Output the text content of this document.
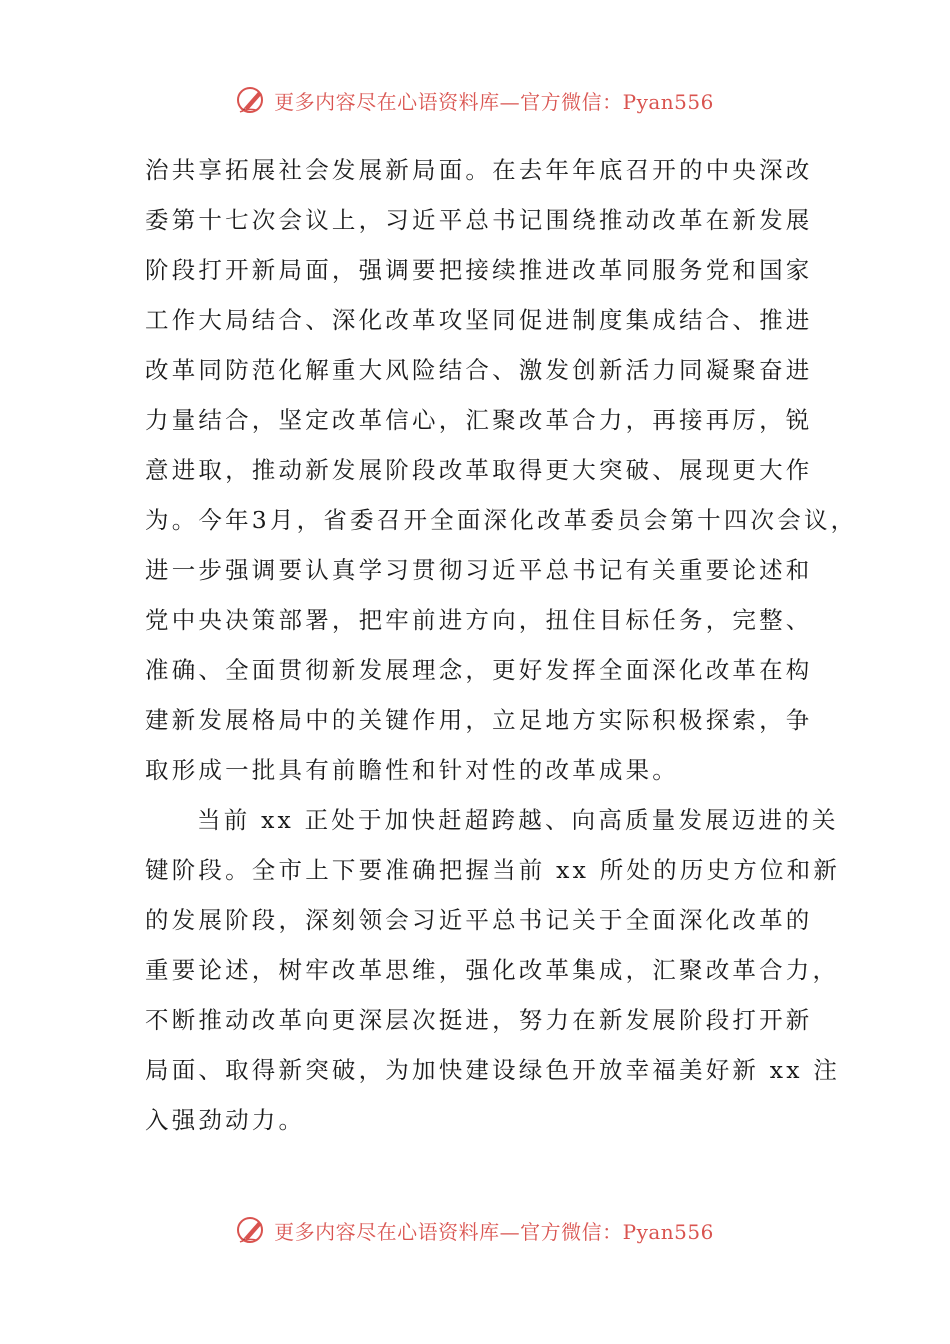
更多内容尽在心语资料库—官方微信：Pyan556
治共享拓展社会发展新局面。在去年年底召开的中央深改
委第十七次会议上，习近平总书记围绕推动改革在新发展
阶段打开新局面，强调要把接续推进改革同服务党和国家
工作大局结合、深化改革攻坚同促进制度集成结合、推进
改革同防范化解重大风险结合、激发创新活力同凝聚奋进
力量结合，坚定改革信心，汇聚改革合力，再接再厉，锐
意进取，推动新发展阶段改革取得更大突破、展现更大作
为。今年3月，省委召开全面深化改革委员会第十四次会议，
进一步强调要认真学习贯彻习近平总书记有关重要论述和
党中央决策部署，把牢前进方向，扭住目标任务，完整、
准确、全面贯彻新发展理念，更好发挥全面深化改革在构
建新发展格局中的关键作用，立足地方实际积极探索，争
取形成一批具有前瞻性和针对性的改革成果。
当前 xx 正处于加快赶超跨越、向高质量发展迈进的关
键阶段。全市上下要准确把握当前 xx 所处的历史方位和新
的发展阶段，深刻领会习近平总书记关于全面深化改革的
重要论述，树牢改革思维，强化改革集成，汇聚改革合力，
不断推动改革向更深层次挺进，努力在新发展阶段打开新
局面、取得新突破，为加快建设绿色开放幸福美好新 xx 注
入强劲动力。
更多内容尽在心语资料库—官方微信：Pyan556
